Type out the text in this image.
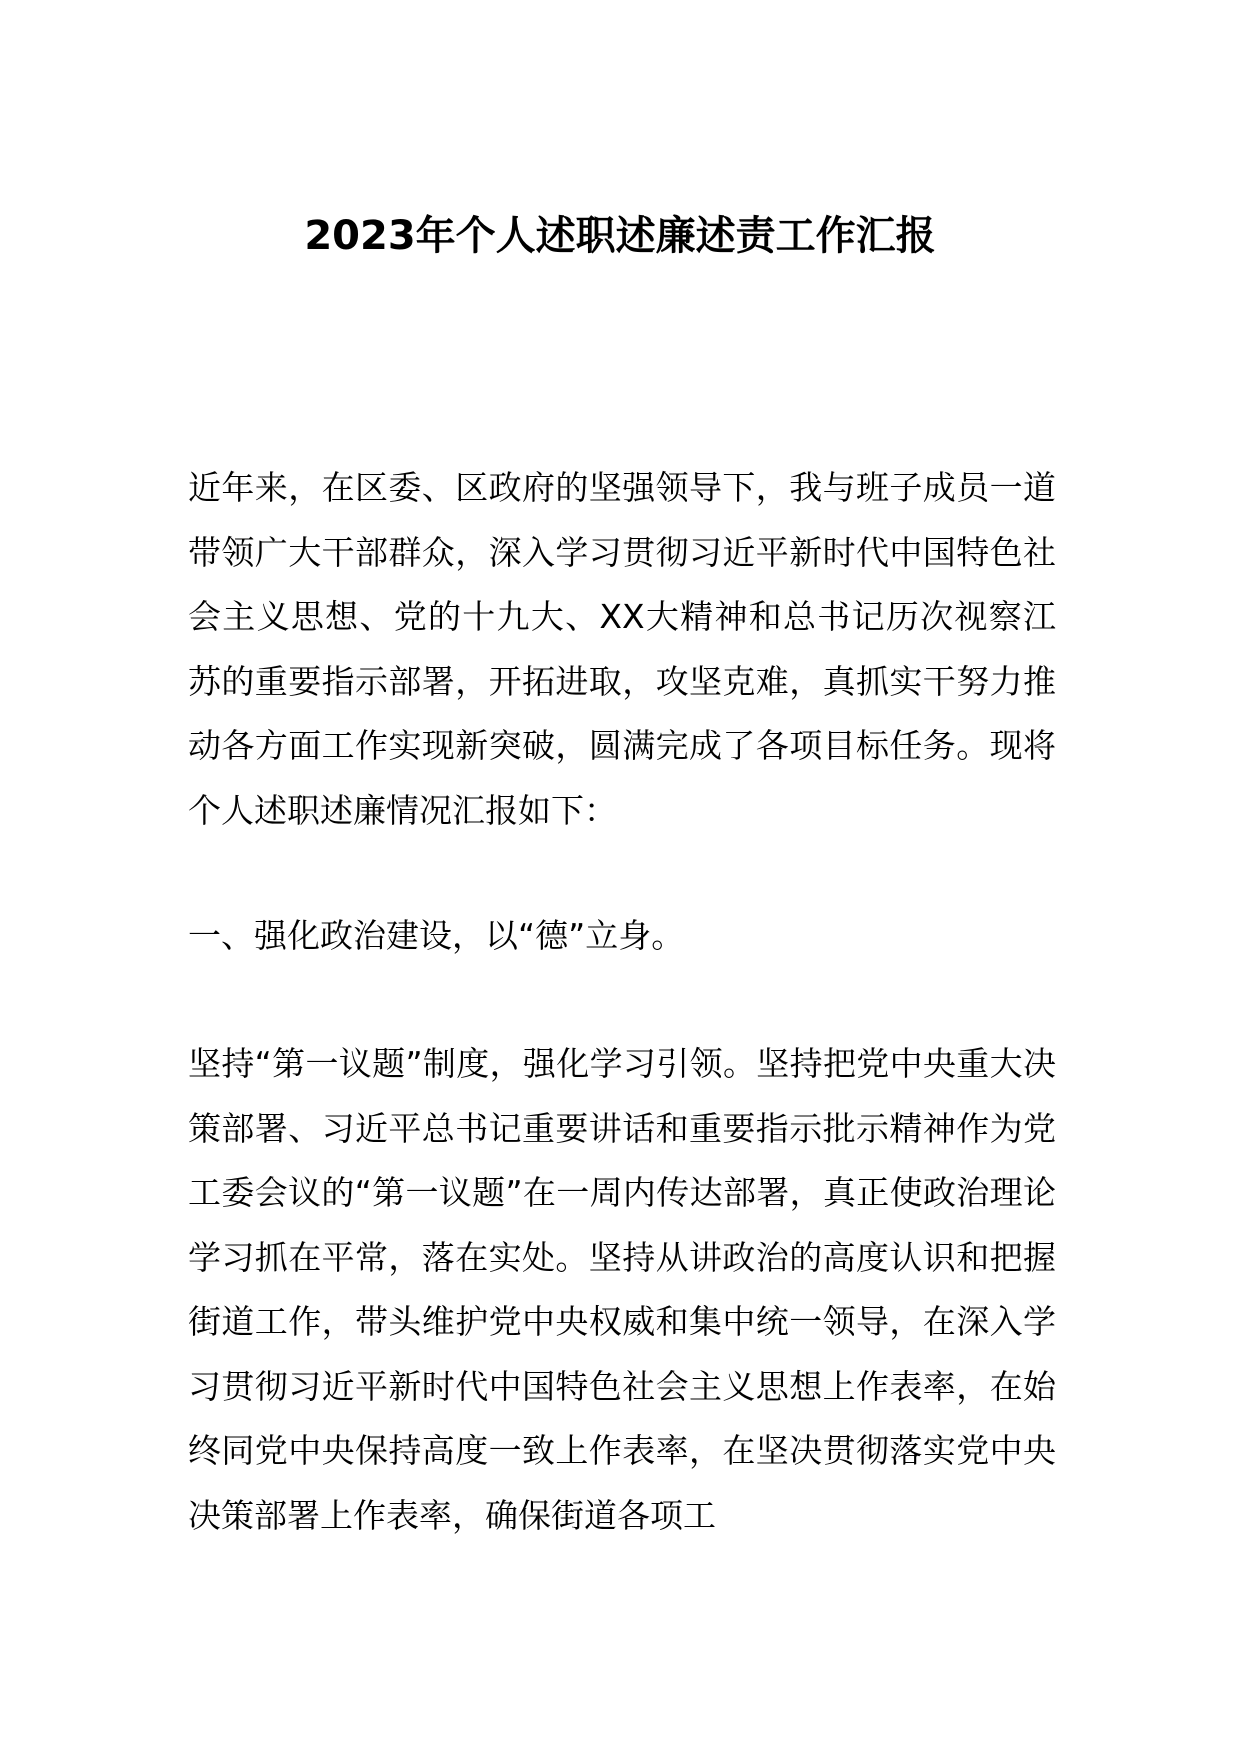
2023年个人述职述廉述责工作汇报
近年来，在区委、区政府的坚强领导下，我与班子成员一道带领广大干部群众，深入学习贯彻习近平新时代中国特色社会主义思想、党的十九大、XX大精神和总书记历次视察江苏的重要指示部署，开拓进取，攻坚克难，真抓实干努力推动各方面工作实现新突破，圆满完成了各项目标任务。现将个人述职述廉情况汇报如下：
一、强化政治建设，以“德”立身。
坚持“第一议题”制度，强化学习引领。坚持把党中央重大决策部署、习近平总书记重要讲话和重要指示批示精神作为党工委会议的“第一议题”在一周内传达部署，真正使政治理论学习抓在平常，落在实处。坚持从讲政治的高度认识和把握街道工作，带头维护党中央权威和集中统一领导，在深入学习贯彻习近平新时代中国特色社会主义思想上作表率，在始终同党中央保持高度一致上作表率，在坚决贯彻落实党中央决策部署上作表率，确保街道各项工
